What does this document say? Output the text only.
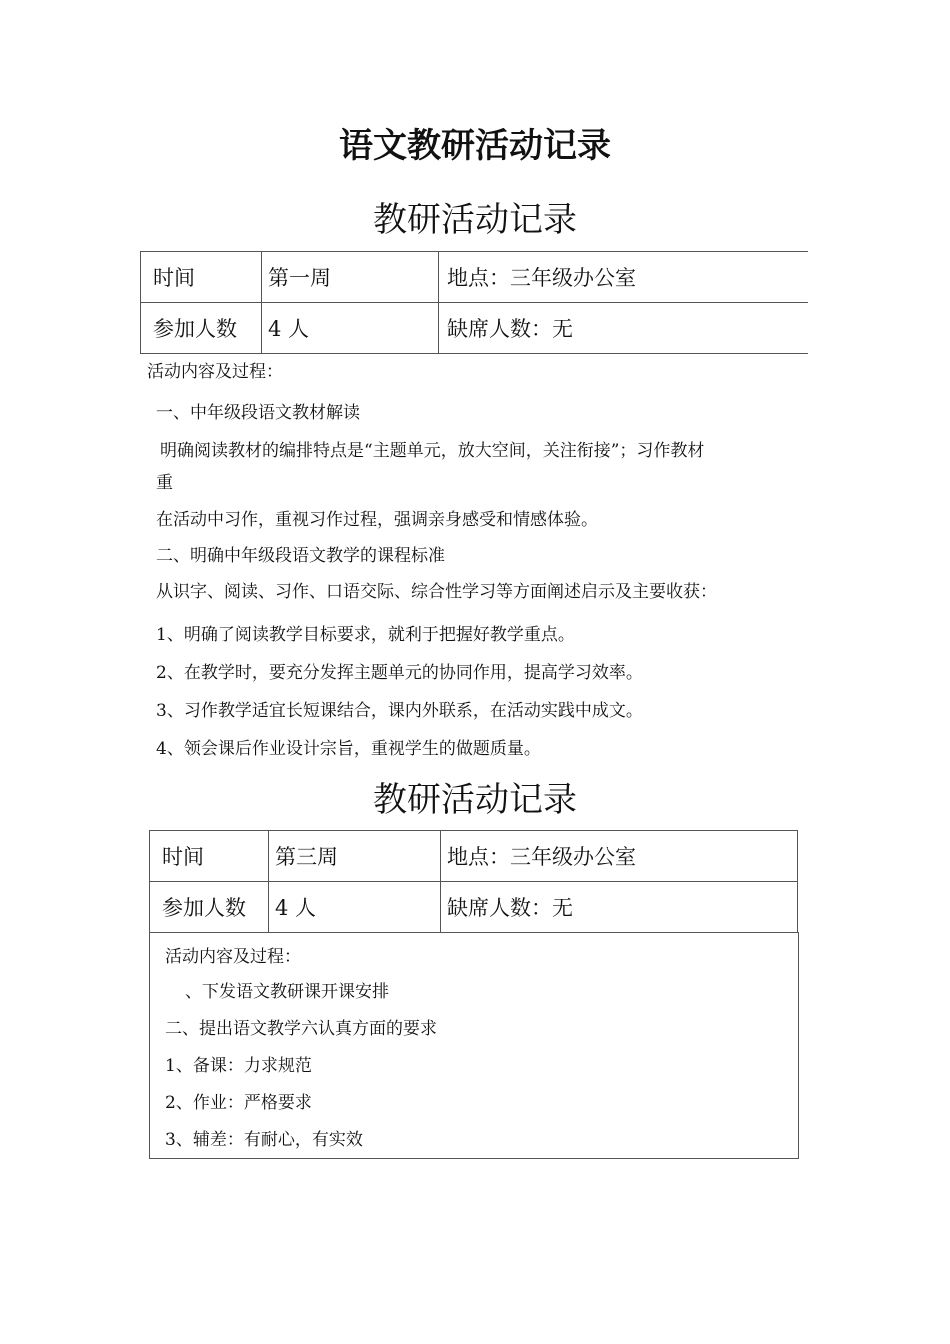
语文教研活动记录
教研活动记录
时间	第一周	地点：三年级办公室
参加人数	4 人	缺席人数：无
活动内容及过程：
一、中年级段语文教材解读
明确阅读教材的编排特点是“主题单元，放大空间，关注衔接”；习作教材
重
在活动中习作，重视习作过程，强调亲身感受和情感体验。
二、明确中年级段语文教学的课程标准
从识字、阅读、习作、口语交际、综合性学习等方面阐述启示及主要收获：
1、明确了阅读教学目标要求，就利于把握好教学重点。
2、在教学时，要充分发挥主题单元的协同作用，提高学习效率。
3、习作教学适宜长短课结合，课内外联系，在活动实践中成文。
4、领会课后作业设计宗旨，重视学生的做题质量。
教研活动记录
时间	第三周	地点：三年级办公室
参加人数	4 人	缺席人数：无
活动内容及过程：
、下发语文教研课开课安排
二、提出语文教学六认真方面的要求
1、备课：力求规范
2、作业：严格要求
3、辅差：有耐心，有实效
